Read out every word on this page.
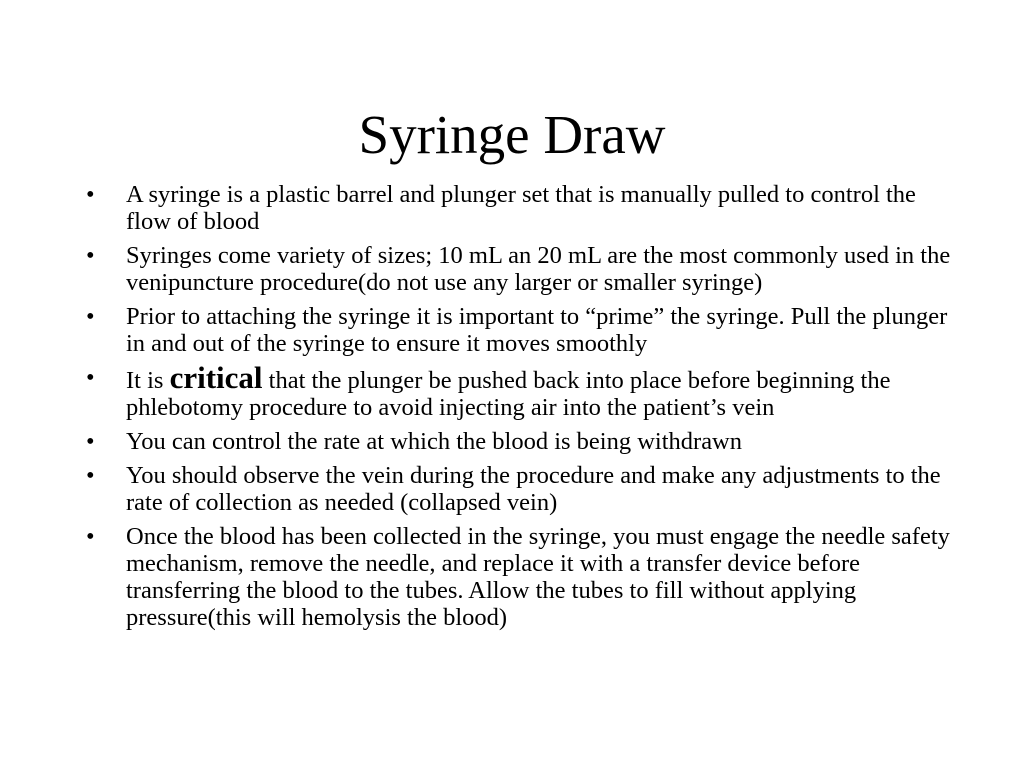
Syringe Draw
• A syringe is a plastic barrel and plunger set that is manually pulled to control the flow of blood
• Syringes come variety of sizes; 10 mL an 20 mL are the most commonly used in the venipuncture procedure(do not use any larger or smaller syringe)
• Prior to attaching the syringe it is important to “prime” the syringe. Pull the plunger in and out of the syringe to ensure it moves smoothly
• It is critical that the plunger be pushed back into place before beginning the phlebotomy procedure to avoid injecting air into the patient’s vein
• You can control the rate at which the blood is being withdrawn
• You should observe the vein during the procedure and make any adjustments to the rate of collection as needed (collapsed vein)
• Once the blood has been collected in the syringe, you must engage the needle safety mechanism, remove the needle, and replace it with a transfer device before transferring the blood to the tubes. Allow the tubes to fill without applying pressure(this will hemolysis the blood)
